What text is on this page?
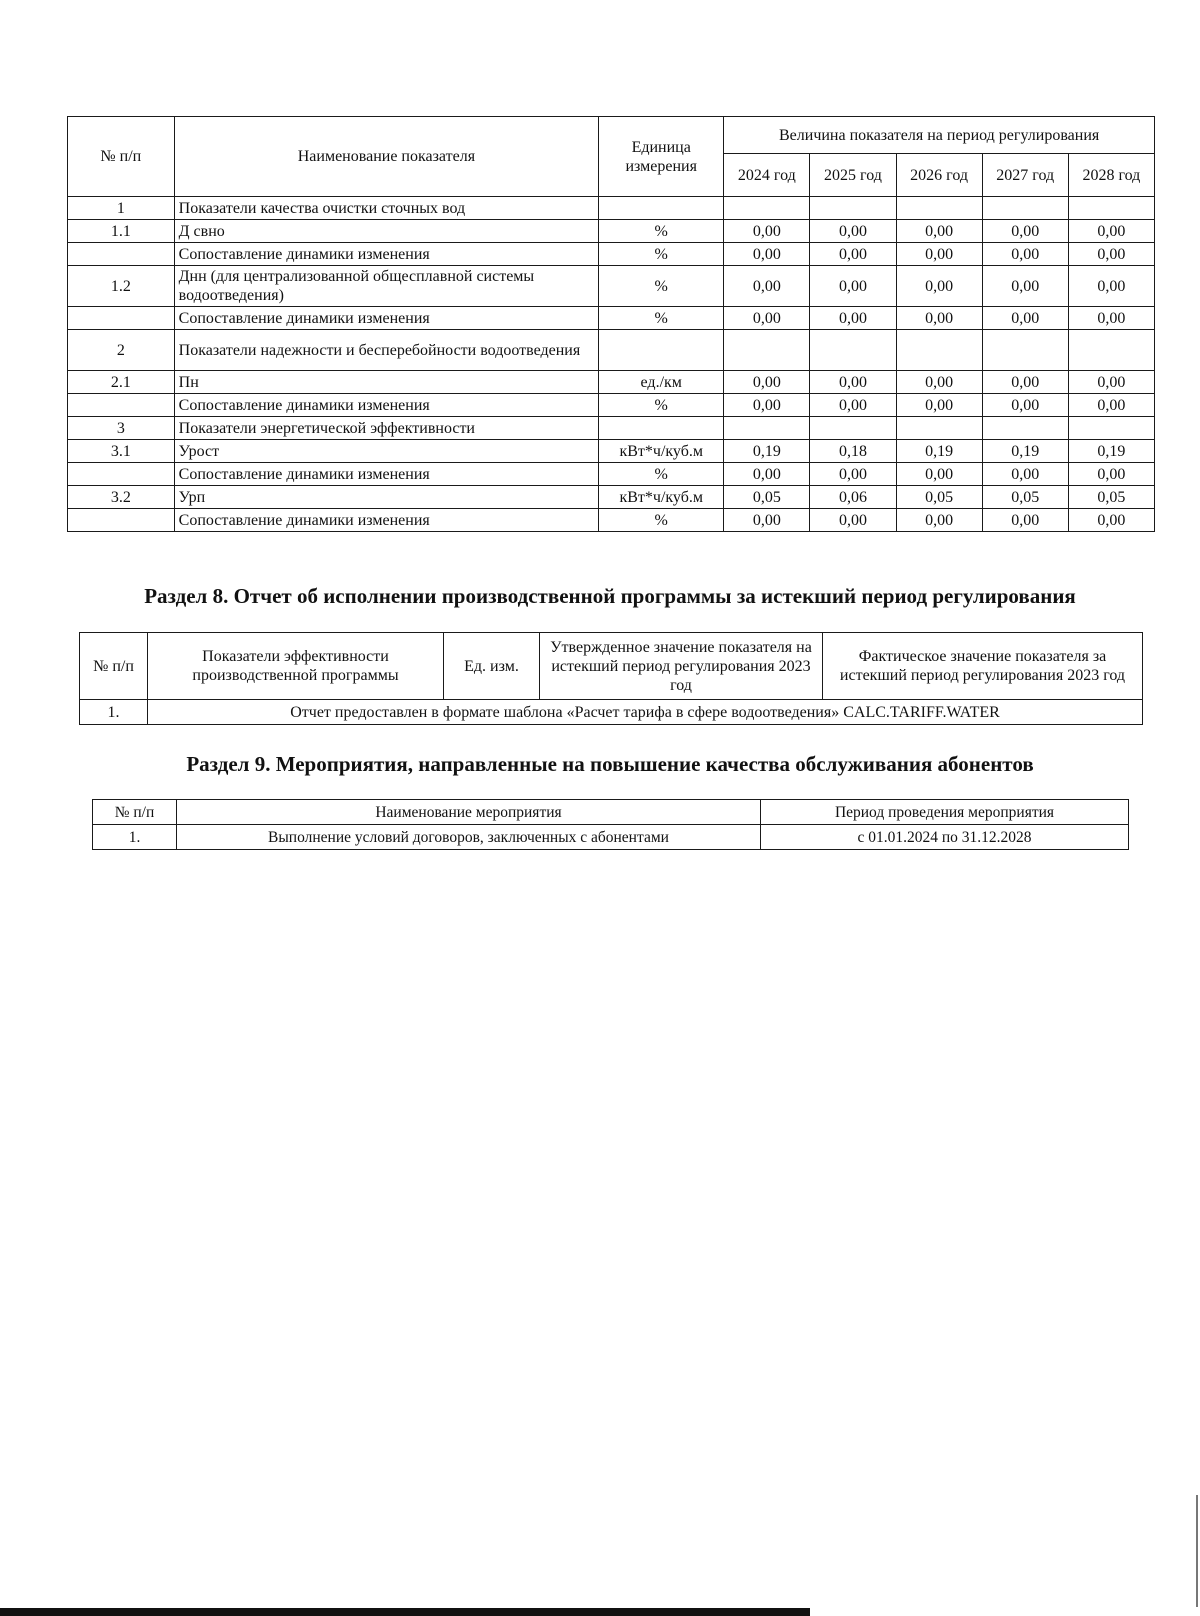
№ п/п	Наименование показателя	Единица измерения	Величина показателя на период регулирования				
			2024 год	2025 год	2026 год	2027 год	2028 год
1	Показатели качества очистки сточных вод						
1.1	Д свно	%	0,00	0,00	0,00	0,00	0,00
	Сопоставление динамики изменения	%	0,00	0,00	0,00	0,00	0,00
1.2	Днн (для централизованной общесплавной системы водоотведения)	%	0,00	0,00	0,00	0,00	0,00
	Сопоставление динамики изменения	%	0,00	0,00	0,00	0,00	0,00
2	Показатели надежности и бесперебойности водоотведения						
2.1	Пн	ед./км	0,00	0,00	0,00	0,00	0,00
	Сопоставление динамики изменения	%	0,00	0,00	0,00	0,00	0,00
3	Показатели энергетической эффективности						
3.1	Урост	кВт*ч/куб.м	0,19	0,18	0,19	0,19	0,19
	Сопоставление динамики изменения	%	0,00	0,00	0,00	0,00	0,00
3.2	Урп	кВт*ч/куб.м	0,05	0,06	0,05	0,05	0,05
	Сопоставление динамики изменения	%	0,00	0,00	0,00	0,00	0,00
Раздел 8. Отчет об исполнении производственной программы за истекший период регулирования
№ п/п	Показатели эффективности производственной программы	Ед. изм.	Утвержденное значение показателя на истекший период регулирования 2023 год	Фактическое значение показателя за истекший период регулирования 2023 год
1.	Отчет предоставлен в формате шаблона «Расчет тарифа в сфере водоотведения» CALC.TARIFF.WATER			
Раздел 9. Мероприятия, направленные на повышение качества обслуживания абонентов
№ п/п	Наименование мероприятия	Период проведения мероприятия
1.	Выполнение условий договоров, заключенных с абонентами	с 01.01.2024 по 31.12.2028
